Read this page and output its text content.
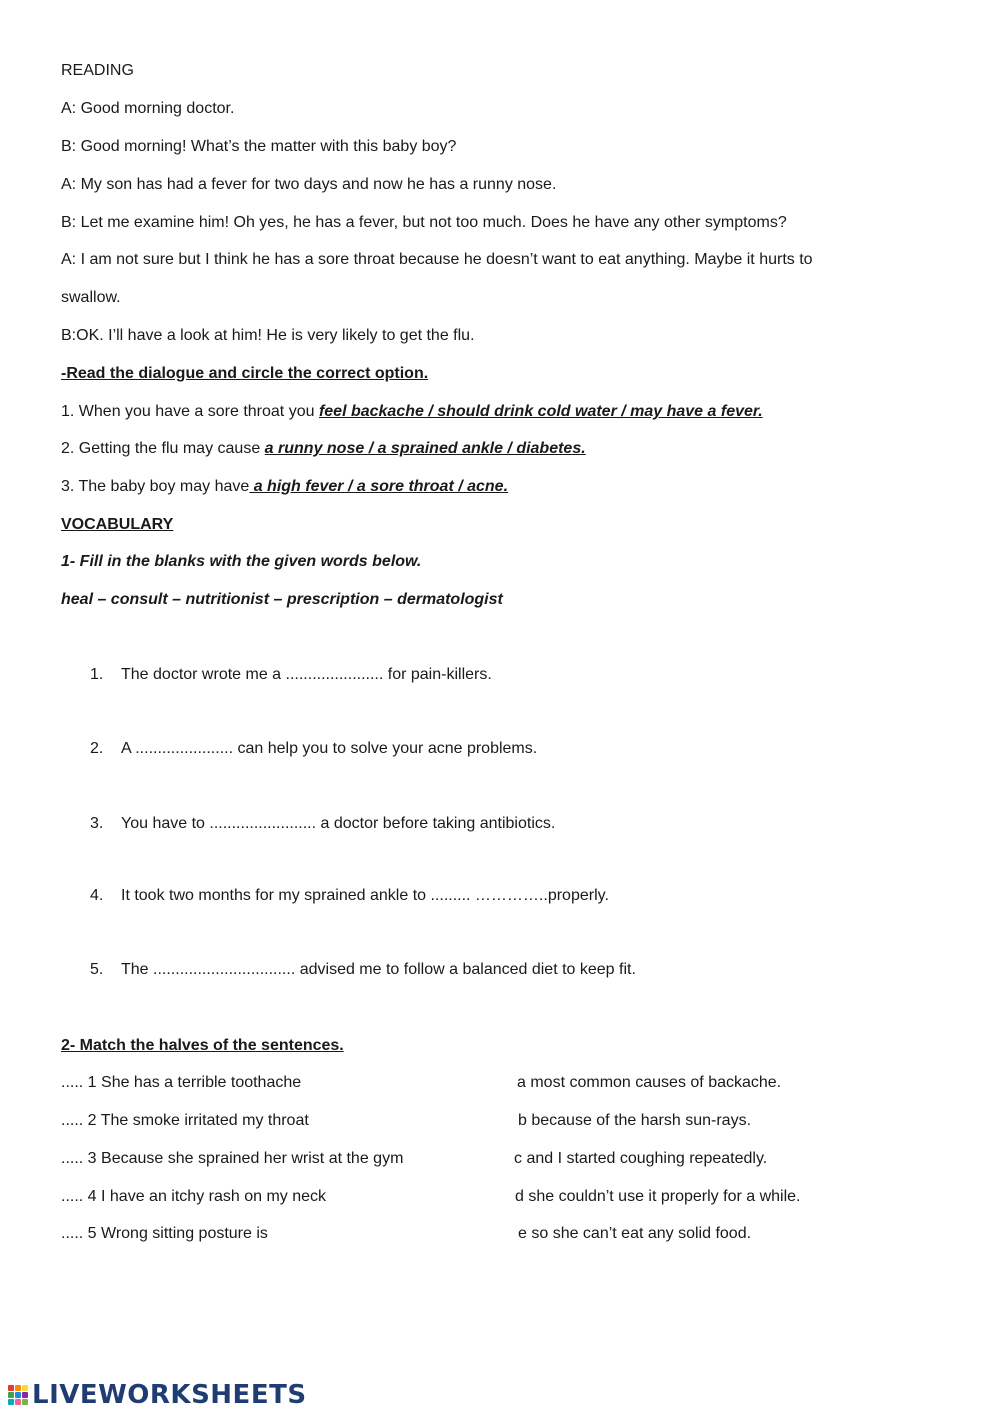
READING
A: Good morning doctor.
B: Good morning! What’s the matter with this baby boy?
A: My son has had a fever for two days and now he has a runny nose.
B: Let me examine him! Oh yes, he has a fever, but not too much. Does he have any other symptoms?
A: I am not sure but I think he has a sore throat because he doesn’t want to eat anything. Maybe it hurts to
swallow.
B:OK. I’ll have a look at him! He is very likely to get the flu.
-Read the dialogue and circle the correct option.
1. When you have a sore throat you feel backache / should drink cold water / may have a fever.
2. Getting the flu may cause a runny nose / a sprained ankle / diabetes.
3. The baby boy may have a high fever / a sore throat / acne.
VOCABULARY
1- Fill in the blanks with the given words below.
heal – consult – nutritionist – prescription – dermatologist
1. The doctor wrote me a ...................... for pain-killers.
2. A ...................... can help you to solve your acne problems.
3. You have to ........................ a doctor before taking antibiotics.
4. It took two months for my sprained ankle to ......... …………..properly.
5. The ................................ advised me to follow a balanced diet to keep fit.
2- Match the halves of the sentences.
..... 1 She has a terrible toothache	a most common causes of backache.
..... 2 The smoke irritated my throat	b because of the harsh sun-rays.
..... 3 Because she sprained her wrist at the gym	c and I started coughing repeatedly.
..... 4 I have an itchy rash on my neck	d she couldn’t use it properly for a while.
..... 5 Wrong sitting posture is	e so she can’t eat any solid food.
LIVEWORKSHEETS
